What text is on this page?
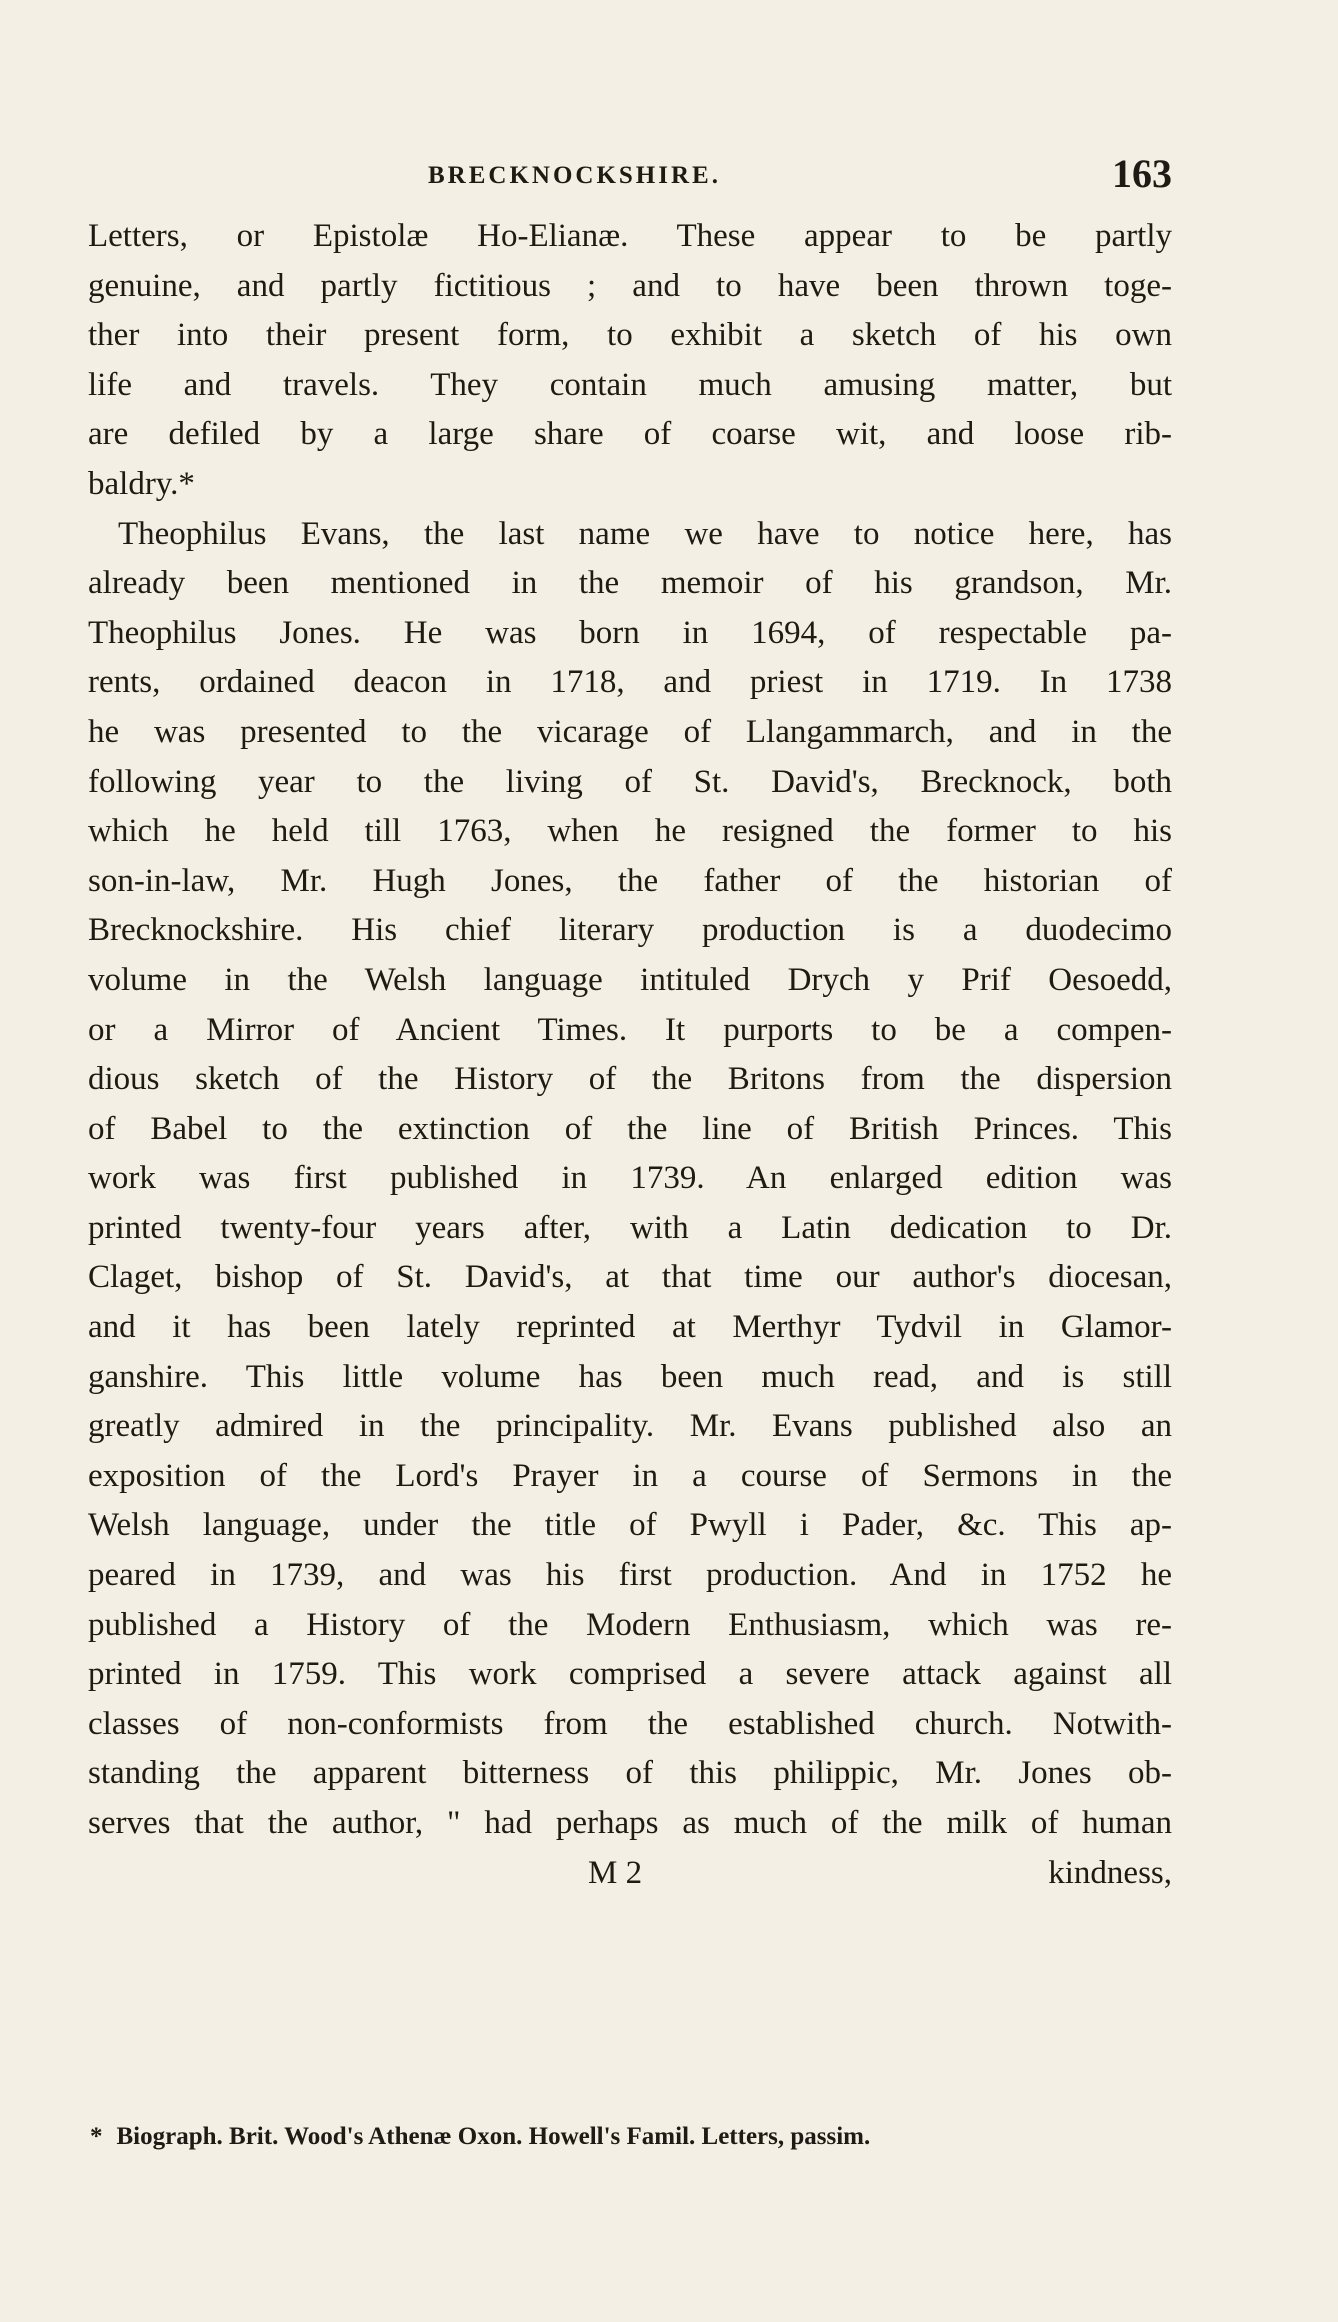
BRECKNOCKSHIRE.	163
Letters, or Epistolæ Ho-Elianæ. These appear to be partly
genuine, and partly fictitious ; and to have been thrown toge-
ther into their present form, to exhibit a sketch of his own
life and travels. They contain much amusing matter, but
are defiled by a large share of coarse wit, and loose rib-
baldry.*
Theophilus Evans, the last name we have to notice here, has
already been mentioned in the memoir of his grandson, Mr.
Theophilus Jones. He was born in 1694, of respectable pa-
rents, ordained deacon in 1718, and priest in 1719. In 1738
he was presented to the vicarage of Llangammarch, and in the
following year to the living of St. David's, Brecknock, both
which he held till 1763, when he resigned the former to his
son-in-law, Mr. Hugh Jones, the father of the historian of
Brecknockshire. His chief literary production is a duodecimo
volume in the Welsh language intituled Drych y Prif Oesoedd,
or a Mirror of Ancient Times. It purports to be a compen-
dious sketch of the History of the Britons from the dispersion
of Babel to the extinction of the line of British Princes. This
work was first published in 1739. An enlarged edition was
printed twenty-four years after, with a Latin dedication to Dr.
Claget, bishop of St. David's, at that time our author's diocesan,
and it has been lately reprinted at Merthyr Tydvil in Glamor-
ganshire. This little volume has been much read, and is still
greatly admired in the principality. Mr. Evans published also an
exposition of the Lord's Prayer in a course of Sermons in the
Welsh language, under the title of Pwyll i Pader, &c. This ap-
peared in 1739, and was his first production. And in 1752 he
published a History of the Modern Enthusiasm, which was re-
printed in 1759. This work comprised a severe attack against all
classes of non-conformists from the established church. Notwith-
standing the apparent bitterness of this philippic, Mr. Jones ob-
serves that the author, " had perhaps as much of the milk of human
M 2	kindness,
* Biograph. Brit. Wood's Athenæ Oxon. Howell's Famil. Letters, passim.
